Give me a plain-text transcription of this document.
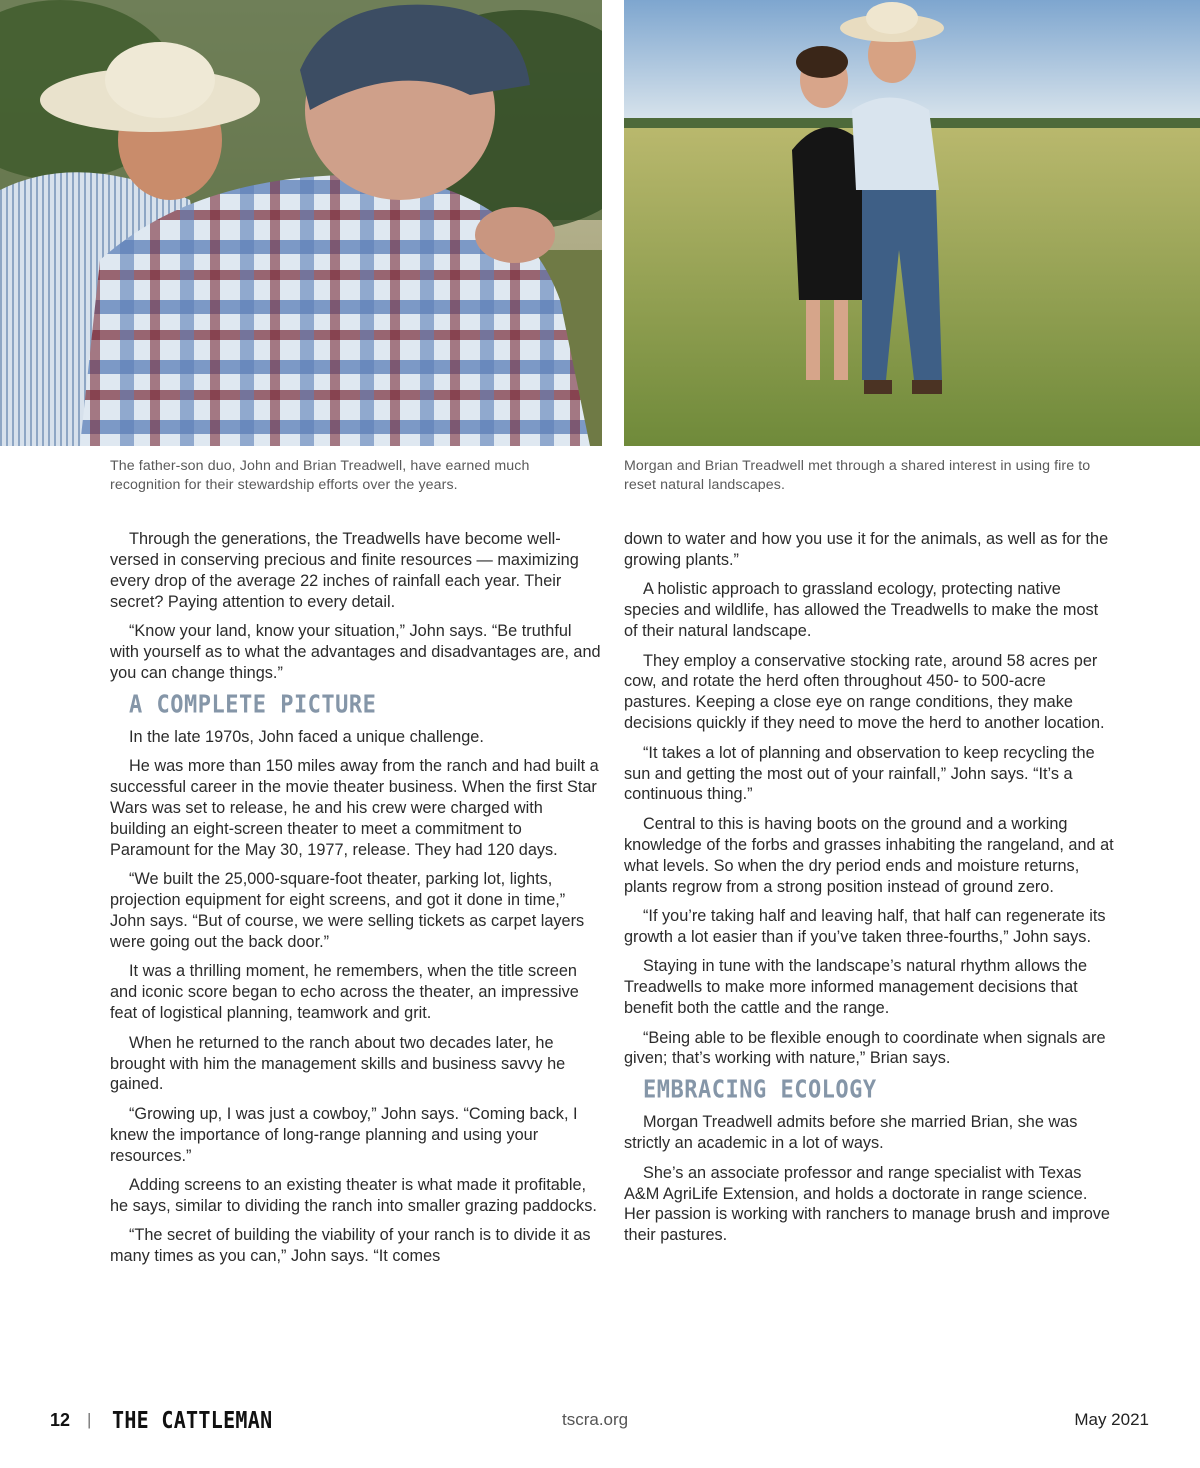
The father-son duo, John and Brian Treadwell, have earned much recognition for their stewardship efforts over the years.
Morgan and Brian Treadwell met through a shared interest in using fire to reset natural landscapes.

Through the generations, the Treadwells have become well-versed in conserving precious and finite resources — maximizing every drop of the average 22 inches of rainfall each year. Their secret? Paying attention to every detail.

“Know your land, know your situation,” John says. “Be truthful with yourself as to what the advantages and disadvantages are, and you can change things.”

A COMPLETE PICTURE

In the late 1970s, John faced a unique challenge.

He was more than 150 miles away from the ranch and had built a successful career in the movie theater business. When the first Star Wars was set to release, he and his crew were charged with building an eight-screen theater to meet a commitment to Paramount for the May 30, 1977, release. They had 120 days.

“We built the 25,000-square-foot theater, parking lot, lights, projection equipment for eight screens, and got it done in time,” John says. “But of course, we were selling tickets as carpet layers were going out the back door.”

It was a thrilling moment, he remembers, when the title screen and iconic score began to echo across the theater, an impressive feat of logistical planning, teamwork and grit.

When he returned to the ranch about two decades later, he brought with him the management skills and business savvy he gained.

“Growing up, I was just a cowboy,” John says. “Coming back, I knew the importance of long-range planning and using your resources.”

Adding screens to an existing theater is what made it profitable, he says, similar to dividing the ranch into smaller grazing paddocks.

“The secret of building the viability of your ranch is to divide it as many times as you can,” John says. “It comes

down to water and how you use it for the animals, as well as for the growing plants.”

A holistic approach to grassland ecology, protecting native species and wildlife, has allowed the Treadwells to make the most of their natural landscape.

They employ a conservative stocking rate, around 58 acres per cow, and rotate the herd often throughout 450- to 500-acre pastures. Keeping a close eye on range conditions, they make decisions quickly if they need to move the herd to another location.

“It takes a lot of planning and observation to keep recycling the sun and getting the most out of your rainfall,” John says. “It’s a continuous thing.”

Central to this is having boots on the ground and a working knowledge of the forbs and grasses inhabiting the rangeland, and at what levels. So when the dry period ends and moisture returns, plants regrow from a strong position instead of ground zero.

“If you’re taking half and leaving half, that half can regenerate its growth a lot easier than if you’ve taken three-fourths,” John says.

Staying in tune with the landscape’s natural rhythm allows the Treadwells to make more informed management decisions that benefit both the cattle and the range.

“Being able to be flexible enough to coordinate when signals are given; that’s working with nature,” Brian says.

EMBRACING ECOLOGY

Morgan Treadwell admits before she married Brian, she was strictly an academic in a lot of ways.

She’s an associate professor and range specialist with Texas A&M AgriLife Extension, and holds a doctorate in range science. Her passion is working with ranchers to manage brush and improve their pastures.

12 | THE CATTLEMAN	tscra.org	May 2021
